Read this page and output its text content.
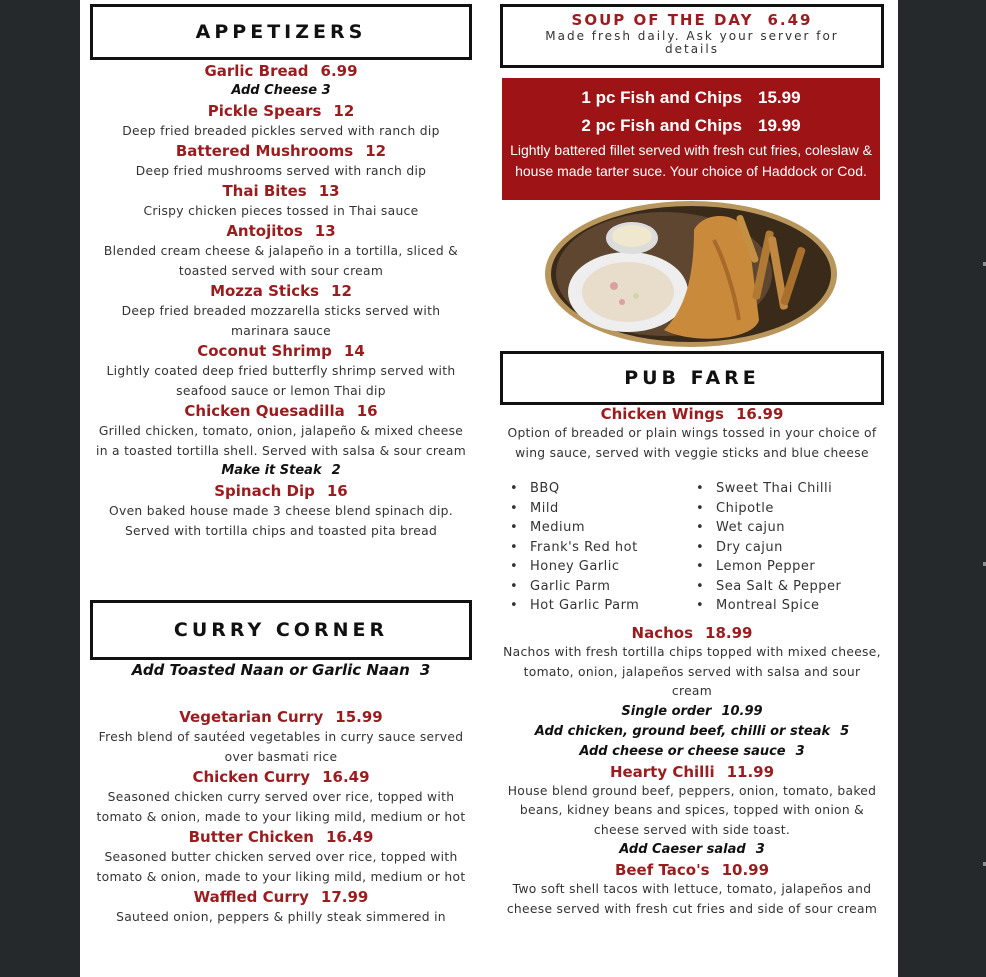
APPETIZERS

Garlic Bread 6.99

Add Cheese 3

Pickle Spears 12

Deep fried breaded pickles served with ranch dip

Battered Mushrooms 12

Deep fried mushrooms served with ranch dip

Thai Bites 13

Crispy chicken pieces tossed in Thai sauce

Antojitos 13

Blended cream cheese & jalapeño in a tortilla, sliced & toasted served with sour cream

Mozza Sticks 12

Deep fried breaded mozzarella sticks served with marinara sauce

Coconut Shrimp 14

Lightly coated deep fried butterfly shrimp served with seafood sauce or lemon Thai dip

Chicken Quesadilla 16

Grilled chicken, tomato, onion, jalapeño & mixed cheese in a toasted tortilla shell. Served with salsa & sour cream

Make it Steak 2

Spinach Dip 16

Oven baked house made 3 cheese blend spinach dip. Served with tortilla chips and toasted pita bread

CURRY CORNER

Add Toasted Naan or Garlic Naan 3

Vegetarian Curry 15.99

Fresh blend of sautéed vegetables in curry sauce served over basmati rice

Chicken Curry 16.49

Seasoned chicken curry served over rice, topped with tomato & onion, made to your liking mild, medium or hot

Butter Chicken 16.49

Seasoned butter chicken served over rice, topped with tomato & onion, made to your liking mild, medium or hot

Waffled Curry 17.99

Sauteed onion, peppers & philly steak simmered in

SOUP OF THE DAY 6.49
Made fresh daily. Ask your server for details
1 pc Fish and Chips 15.99
2 pc Fish and Chips 19.99
Lightly battered fillet served with fresh cut fries, coleslaw & house made tarter suce. Your choice of Haddock or Cod.
PUB FARE

Chicken Wings 16.99

Option of breaded or plain wings tossed in your choice of wing sauce, served with veggie sticks and blue cheese

• BBQ
• Mild
• Medium
• Frank's Red hot
• Honey Garlic
• Garlic Parm
• Hot Garlic Parm
• Sweet Thai Chilli
• Chipotle
• Wet cajun
• Dry cajun
• Lemon Pepper
• Sea Salt & Pepper
• Montreal Spice

Nachos 18.99

Nachos with fresh tortilla chips topped with mixed cheese, tomato, onion, jalapeños served with salsa and sour cream

Single order 10.99

Add chicken, ground beef, chilli or steak 5

Add cheese or cheese sauce 3

Hearty Chilli 11.99

House blend ground beef, peppers, onion, tomato, baked beans, kidney beans and spices, topped with onion & cheese served with side toast.

Add Caeser salad 3

Beef Taco's 10.99

Two soft shell tacos with lettuce, tomato, jalapeños and cheese served with fresh cut fries and side of sour cream
